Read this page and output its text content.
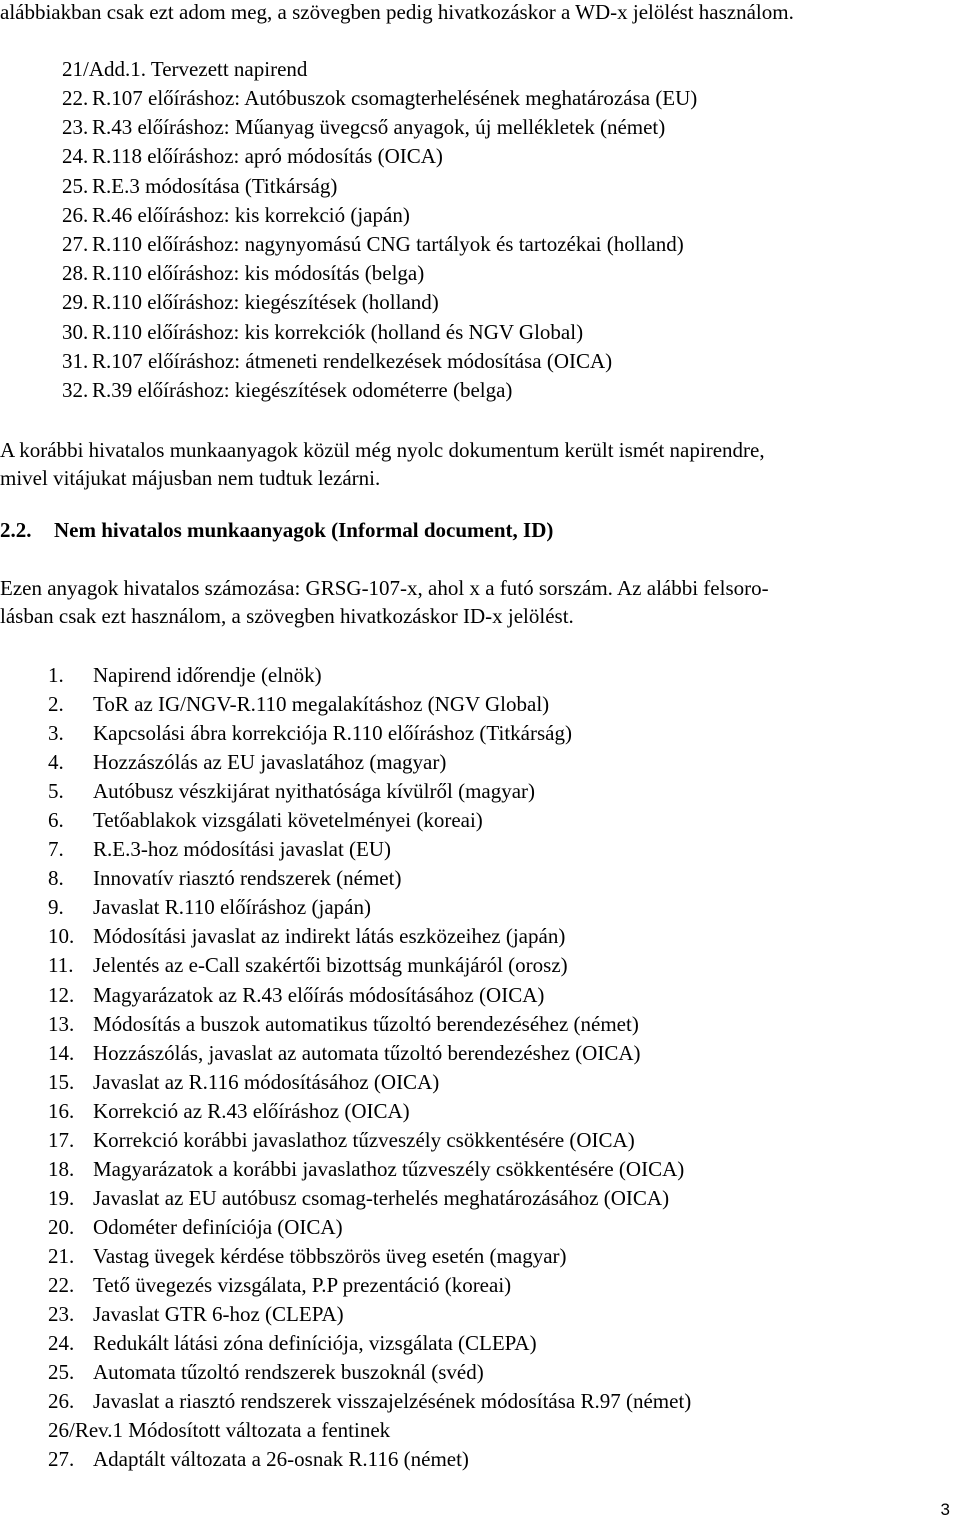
alábbiakban csak ezt adom meg, a szövegben pedig hivatkozáskor a WD-x jelölést használom.
21/Add.1. Tervezett napirend
22. R.107 előíráshoz: Autóbuszok csomagterhelésének meghatározása (EU)
23. R.43 előíráshoz: Műanyag üvegcső anyagok, új mellékletek (német)
24. R.118 előíráshoz: apró módosítás (OICA)
25. R.E.3 módosítása (Titkárság)
26. R.46 előíráshoz: kis korrekció (japán)
27. R.110 előíráshoz: nagynyomású CNG tartályok és tartozékai (holland)
28. R.110 előíráshoz: kis módosítás (belga)
29. R.110 előíráshoz: kiegészítések (holland)
30. R.110 előíráshoz: kis korrekciók (holland és NGV Global)
31. R.107 előíráshoz: átmeneti rendelkezések módosítása (OICA)
32. R.39 előíráshoz: kiegészítések odométerre (belga)
A korábbi hivatalos munkaanyagok közül még nyolc dokumentum került ismét napirendre,
mivel vitájukat májusban nem tudtuk lezárni.
2.2. Nem hivatalos munkaanyagok (Informal document, ID)
Ezen anyagok hivatalos számozása: GRSG-107-x, ahol x a futó sorszám. Az alábbi felsoro-
lásban csak ezt használom, a szövegben hivatkozáskor ID-x jelölést.
1. Napirend időrendje (elnök)
2. ToR az IG/NGV-R.110 megalakításhoz (NGV Global)
3. Kapcsolási ábra korrekciója R.110 előíráshoz (Titkárság)
4. Hozzászólás az EU javaslatához (magyar)
5. Autóbusz vészkijárat nyithatósága kívülről (magyar)
6. Tetőablakok vizsgálati követelményei (koreai)
7. R.E.3-hoz módosítási javaslat (EU)
8. Innovatív riasztó rendszerek (német)
9. Javaslat R.110 előíráshoz (japán)
10. Módosítási javaslat az indirekt látás eszközeihez (japán)
11. Jelentés az e-Call szakértői bizottság munkájáról (orosz)
12. Magyarázatok az R.43 előírás módosításához (OICA)
13. Módosítás a buszok automatikus tűzoltó berendezéséhez (német)
14. Hozzászólás, javaslat az automata tűzoltó berendezéshez (OICA)
15. Javaslat az R.116 módosításához (OICA)
16. Korrekció az R.43 előíráshoz (OICA)
17. Korrekció korábbi javaslathoz tűzveszély csökkentésére (OICA)
18. Magyarázatok a korábbi javaslathoz tűzveszély csökkentésére (OICA)
19. Javaslat az EU autóbusz csomag-terhelés meghatározásához (OICA)
20. Odométer definíciója (OICA)
21. Vastag üvegek kérdése többszörös üveg esetén (magyar)
22. Tető üvegezés vizsgálata, P.P prezentáció (koreai)
23. Javaslat GTR 6-hoz (CLEPA)
24. Redukált látási zóna definíciója, vizsgálata (CLEPA)
25. Automata tűzoltó rendszerek buszoknál (svéd)
26. Javaslat a riasztó rendszerek visszajelzésének módosítása R.97 (német)
26/Rev.1 Módosított változata a fentinek
27. Adaptált változata a 26-osnak R.116 (német)
3
